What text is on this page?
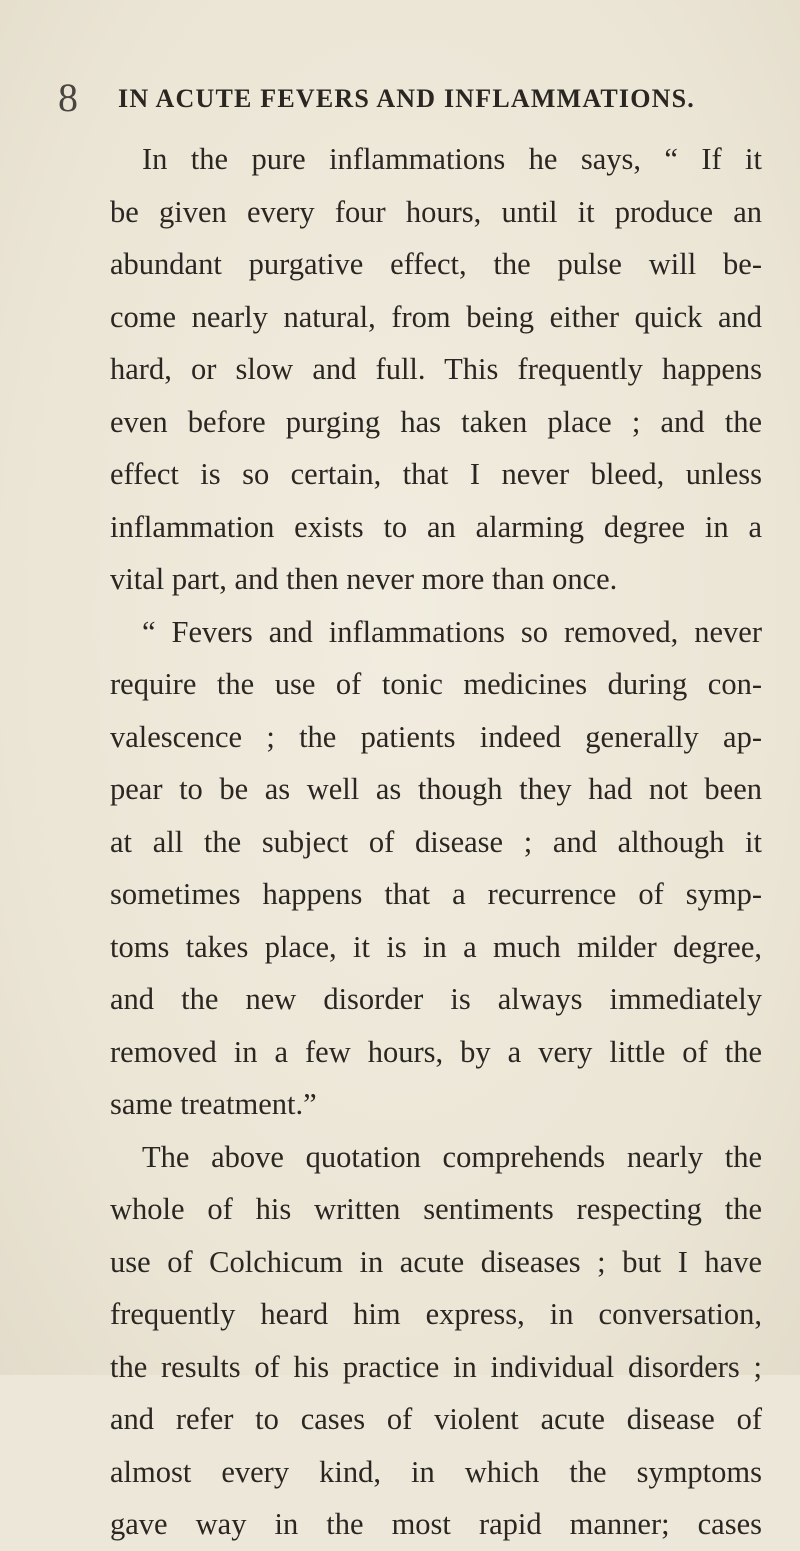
8 IN ACUTE FEVERS AND INFLAMMATIONS.
In the pure inflammations he says, “ If it
be given every four hours, until it produce an
abundant purgative effect, the pulse will be-
come nearly natural, from being either quick and
hard, or slow and full. This frequently happens
even before purging has taken place ; and the
effect is so certain, that I never bleed, unless
inflammation exists to an alarming degree in a
vital part, and then never more than once.
“ Fevers and inflammations so removed, never
require the use of tonic medicines during con-
valescence ; the patients indeed generally ap-
pear to be as well as though they had not been
at all the subject of disease ; and although it
sometimes happens that a recurrence of symp-
toms takes place, it is in a much milder degree,
and the new disorder is always immediately
removed in a few hours, by a very little of the
same treatment.”
The above quotation comprehends nearly the
whole of his written sentiments respecting the
use of Colchicum in acute diseases ; but I have
frequently heard him express, in conversation,
the results of his practice in individual disorders ;
and refer to cases of violent acute disease of
almost every kind, in which the symptoms
gave way in the most rapid manner; cases
